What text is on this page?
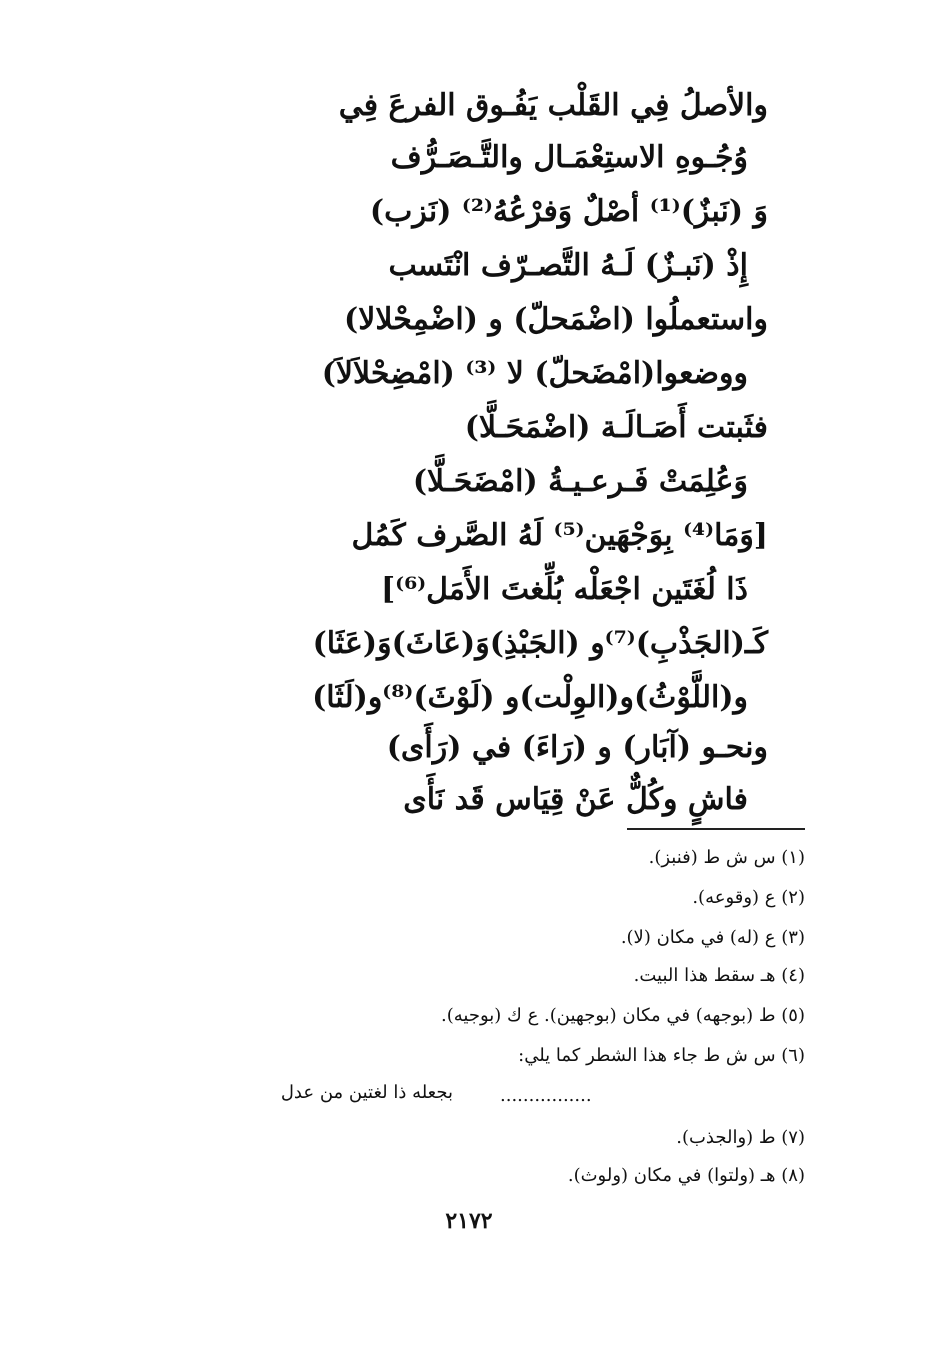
والأصلُ فِي القَلْب يَفُـوق الفرعَ فِي
وُجُـوهِ الاستِعْمَـال والتَّـصَـرُّف
وَ (نَبزٌ)⁽¹⁾ أصْلٌ وَفرْعُهُ⁽²⁾ (نَزب)
إِذْ (نَبـزٌ) لَـهُ التَّصـرّف انْتَسب
واستعملُوا (اضْمَحلّ) و (اضْمِحْلالا)
ووضعوا(امْضَحلّ) لا ⁽³⁾ (امْضِحْلاَلاَ)
فثَبتت أَصَـالَـة (اضْمَحَـلَّا)
وَعُلِمَتْ فَـرعـيـةُ (امْضَحَـلَّا)
[وَمَا⁽⁴⁾ بِوَجْهَين⁽⁵⁾ لَهُ الصَّرف كَمُل
ذَا لُغَتَين اجْعَلْه بُلِّغتَ الأَمَل⁽⁶⁾]
كَـ(الجَذْبِ)⁽⁷⁾و (الجَبْذِ)وَ(عَاثَ)وَ(عَثَا)
و(اللَّوْثُ)و(الوِلْت)و (لَوْثَ)⁽⁸⁾و(لَثَا)
ونحـو (آبَار) و (رَاءَ) في (رَأَى)
فاشٍ وكُلٌّ عَنْ قِيَاس قَد نَأَى
(١) س ش ط (فنبز).
(٢) ع (وقوعه).
(٣) ع (له) في مكان (لا).
(٤) هـ سقط هذا البيت.
(٥) ط (بوجهه) في مكان (بوجهين). ع ك (بوجيه).
(٦) س ش ط جاء هذا الشطر كما يلي:
................
بجعله ذا لغتين من عدل
(٧) ط (والجذب).
(٨) هـ (ولتوا) في مكان (ولوث).
٢١٧٢
